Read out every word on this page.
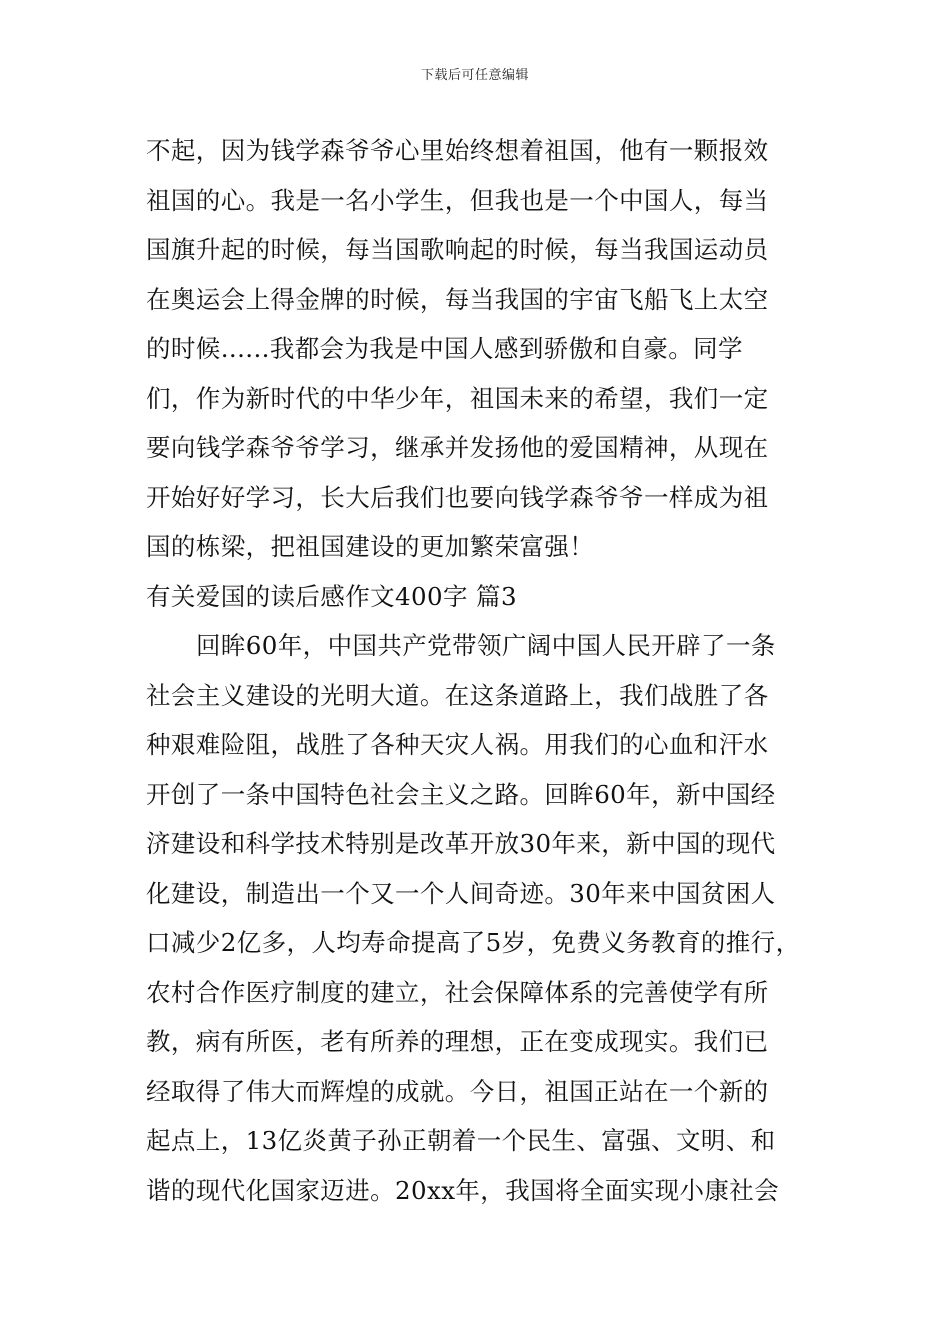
下载后可任意编辑
不起，因为钱学森爷爷心里始终想着祖国，他有一颗报效
祖国的心。我是一名小学生，但我也是一个中国人，每当
国旗升起的时候，每当国歌响起的时候，每当我国运动员
在奥运会上得金牌的时候，每当我国的宇宙飞船飞上太空
的时候......我都会为我是中国人感到骄傲和自豪。同学
们，作为新时代的中华少年，祖国未来的希望，我们一定
要向钱学森爷爷学习，继承并发扬他的爱国精神，从现在
开始好好学习，长大后我们也要向钱学森爷爷一样成为祖
国的栋梁，把祖国建设的更加繁荣富强！
有关爱国的读后感作文400字 篇3
回眸60年，中国共产党带领广阔中国人民开辟了一条
社会主义建设的光明大道。在这条道路上，我们战胜了各
种艰难险阻，战胜了各种天灾人祸。用我们的心血和汗水
开创了一条中国特色社会主义之路。回眸60年，新中国经
济建设和科学技术特别是改革开放30年来，新中国的现代
化建设，制造出一个又一个人间奇迹。30年来中国贫困人
口减少2亿多，人均寿命提高了5岁，免费义务教育的推行，
农村合作医疗制度的建立，社会保障体系的完善使学有所
教，病有所医，老有所养的理想，正在变成现实。我们已
经取得了伟大而辉煌的成就。今日，祖国正站在一个新的
起点上，13亿炎黄子孙正朝着一个民生、富强、文明、和
谐的现代化国家迈进。20xx年，我国将全面实现小康社会
